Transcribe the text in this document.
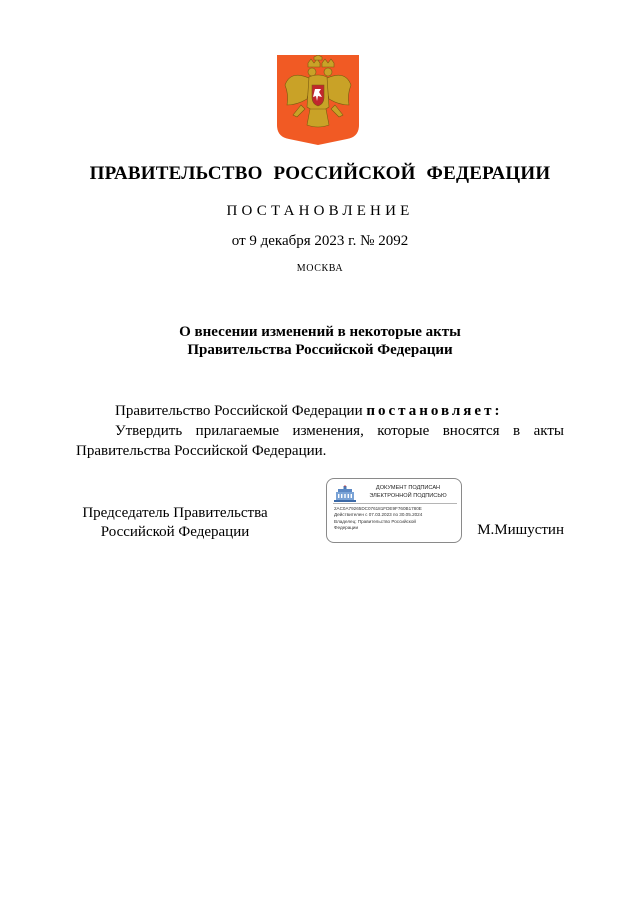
ПРАВИТЕЛЬСТВО РОССИЙСКОЙ ФЕДЕРАЦИИ
ПОСТАНОВЛЕНИЕ
от 9 декабря 2023 г. № 2092
МОСКВА
О внесении изменений в некоторые акты
Правительства Российской Федерации

Правительство Российской Федерации постановляет:

Утвердить прилагаемые изменения, которые вносятся в акты Правительства Российской Федерации.

Председатель Правительства
Российской Федерации
ДОКУМЕНТ ПОДПИСАН
ЭЛЕКТРОННОЙ ПОДПИСЬЮ
2AC0A79265DC076181FDE9F760B1780E
Действителен с 07.03.2023 по 30.05.2024
Владелец: Правительство Российской
Федерации	М.Мишустин
